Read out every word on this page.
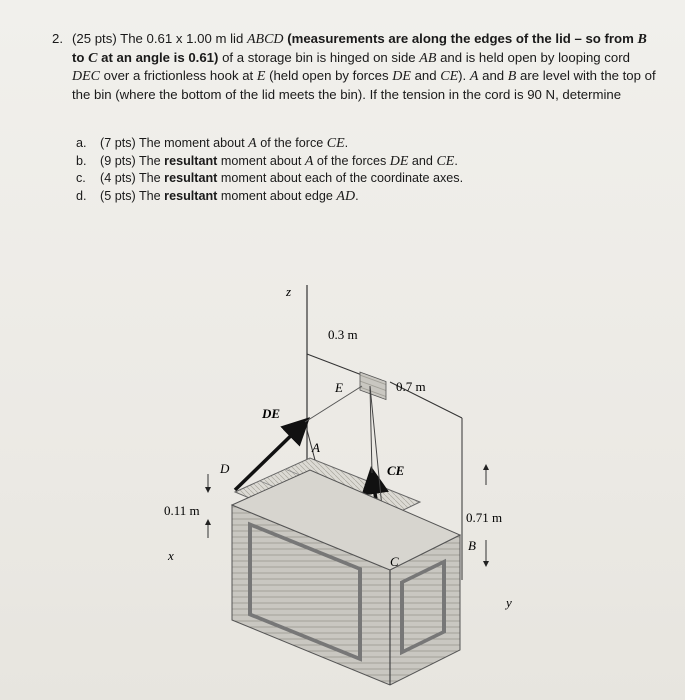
2. (25 pts) The 0.61 x 1.00 m lid ABCD (measurements are along the edges of the lid – so from B to C at an angle is 0.61) of a storage bin is hinged on side AB and is held open by looping cord DEC over a frictionless hook at E (held open by forces DE and CE). A and B are level with the top of the bin (where the bottom of the lid meets the bin). If the tension in the cord is 90 N, determine
a. (7 pts) The moment about A of the force CE.
b. (9 pts) The resultant moment about A of the forces DE and CE.
c. (4 pts) The resultant moment about each of the coordinate axes.
d. (5 pts) The resultant moment about edge AD.
z
0.3 m
0.7 m
E
DE
CE
A
D
0.11 m
C
0.71 m
B
x
y
